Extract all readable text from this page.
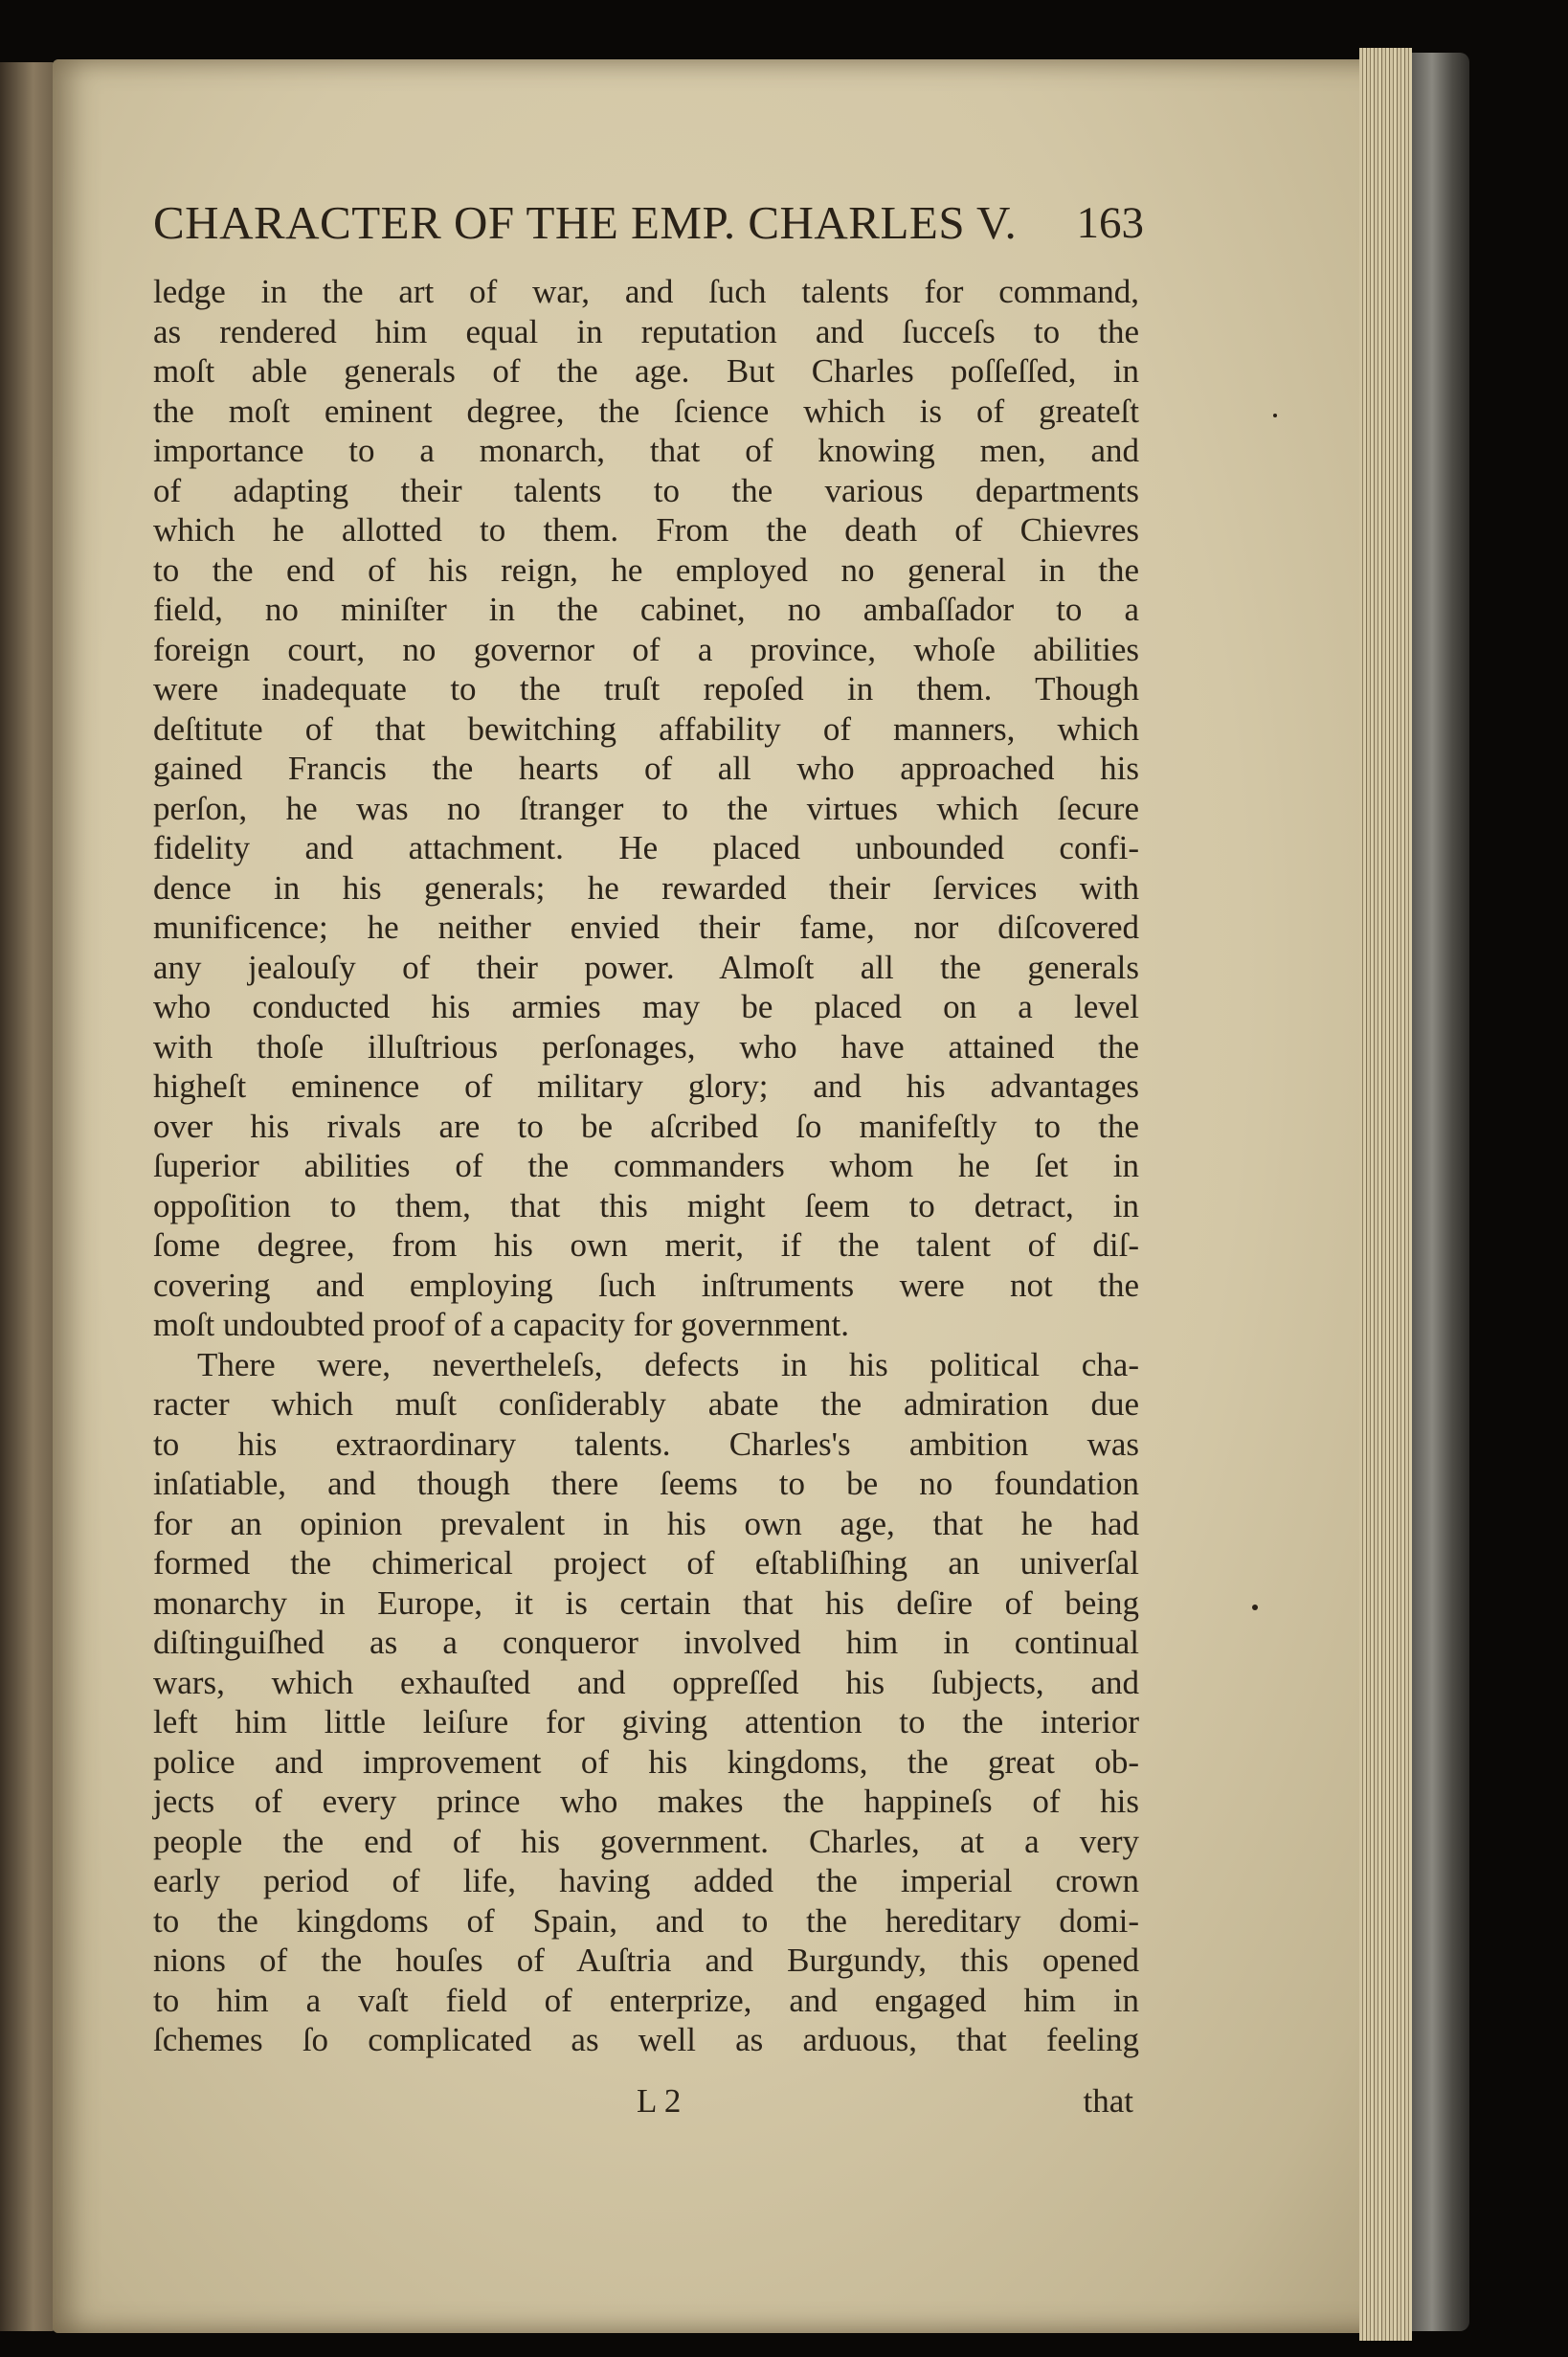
CHARACTER OF THE EMP. CHARLES V. 163
ledge in the art of war, and ſuch talents for command,
as rendered him equal in reputation and ſucceſs to the
moſt able generals of the age. But Charles poſſeſſed, in
the moſt eminent degree, the ſcience which is of greateſt
importance to a monarch, that of knowing men, and
of adapting their talents to the various departments
which he allotted to them. From the death of Chievres
to the end of his reign, he employed no general in the
field, no miniſter in the cabinet, no ambaſſador to a
foreign court, no governor of a province, whoſe abilities
were inadequate to the truſt repoſed in them. Though
deſtitute of that bewitching affability of manners, which
gained Francis the hearts of all who approached his
perſon, he was no ſtranger to the virtues which ſecure
fidelity and attachment. He placed unbounded confi-
dence in his generals; he rewarded their ſervices with
munificence; he neither envied their fame, nor diſcovered
any jealouſy of their power. Almoſt all the generals
who conducted his armies may be placed on a level
with thoſe illuſtrious perſonages, who have attained the
higheſt eminence of military glory; and his advantages
over his rivals are to be aſcribed ſo manifeſtly to the
ſuperior abilities of the commanders whom he ſet in
oppoſition to them, that this might ſeem to detract, in
ſome degree, from his own merit, if the talent of diſ-
covering and employing ſuch inſtruments were not the
moſt undoubted proof of a capacity for government.
There were, nevertheleſs, defects in his political cha-
racter which muſt conſiderably abate the admiration due
to his extraordinary talents. Charles's ambition was
inſatiable, and though there ſeems to be no foundation
for an opinion prevalent in his own age, that he had
formed the chimerical project of eſtabliſhing an univerſal
monarchy in Europe, it is certain that his deſire of being
diſtinguiſhed as a conqueror involved him in continual
wars, which exhauſted and oppreſſed his ſubjects, and
left him little leiſure for giving attention to the interior
police and improvement of his kingdoms, the great ob-
jects of every prince who makes the happineſs of his
people the end of his government. Charles, at a very
early period of life, having added the imperial crown
to the kingdoms of Spain, and to the hereditary domi-
nions of the houſes of Auſtria and Burgundy, this opened
to him a vaſt field of enterprize, and engaged him in
ſchemes ſo complicated as well as arduous, that feeling
L 2	that
